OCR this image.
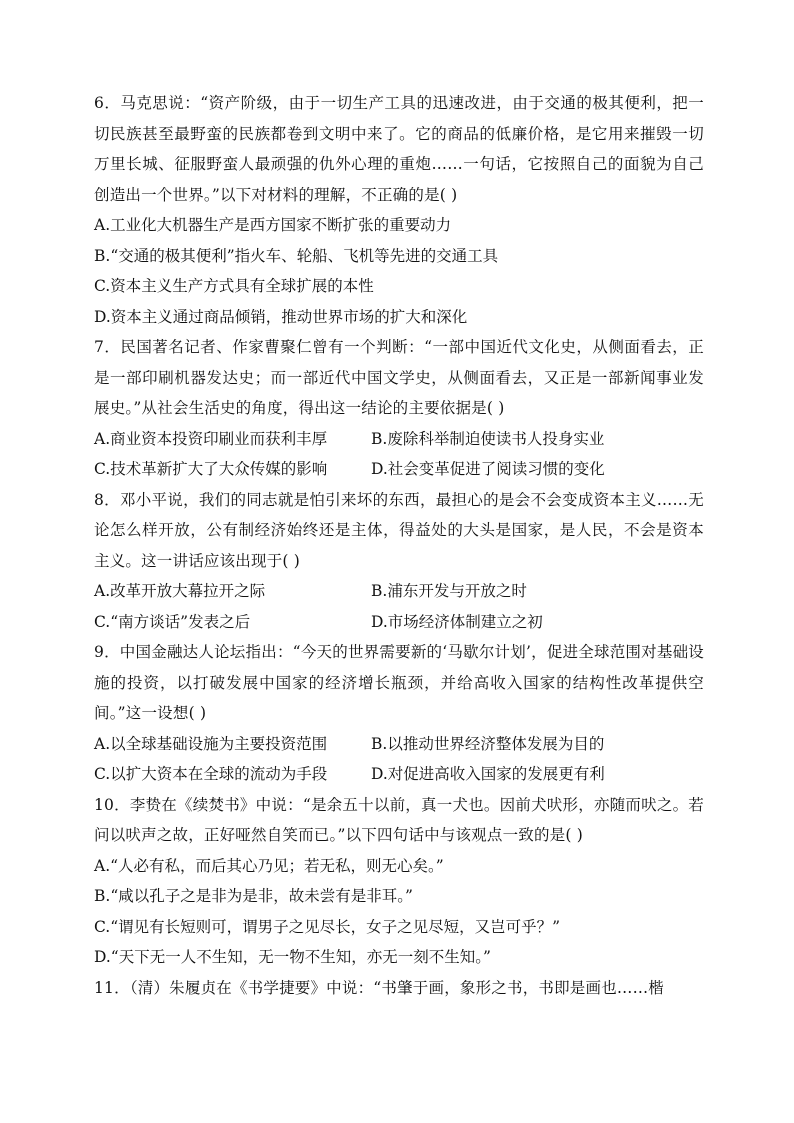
6．马克思说：“资产阶级，由于一切生产工具的迅速改进，由于交通的极其便利，把一切民族甚至最野蛮的民族都卷到文明中来了。它的商品的低廉价格，是它用来摧毁一切万里长城、征服野蛮人最顽强的仇外心理的重炮……一句话，它按照自己的面貌为自己创造出一个世界。”以下对材料的理解，不正确的是( )
A.工业化大机器生产是西方国家不断扩张的重要动力
B.“交通的极其便利”指火车、轮船、飞机等先进的交通工具
C.资本主义生产方式具有全球扩展的本性
D.资本主义通过商品倾销，推动世界市场的扩大和深化
7．民国著名记者、作家曹聚仁曾有一个判断：“一部中国近代文化史，从侧面看去，正是一部印刷机器发达史；而一部近代中国文学史，从侧面看去，又正是一部新闻事业发展史。”从社会生活史的角度，得出这一结论的主要依据是( )
A.商业资本投资印刷业而获利丰厚	B.废除科举制迫使读书人投身实业
C.技术革新扩大了大众传媒的影响	D.社会变革促进了阅读习惯的变化
8．邓小平说，我们的同志就是怕引来坏的东西，最担心的是会不会变成资本主义……无论怎么样开放，公有制经济始终还是主体，得益处的大头是国家，是人民，不会是资本主义。这一讲话应该出现于( )
A.改革开放大幕拉开之际	B.浦东开发与开放之时
C.“南方谈话”发表之后	D.市场经济体制建立之初
9．中国金融达人论坛指出：“今天的世界需要新的‘马歇尔计划’，促进全球范围对基础设施的投资，以打破发展中国家的经济增长瓶颈，并给高收入国家的结构性改革提供空间。”这一设想( )
A.以全球基础设施为主要投资范围	B.以推动世界经济整体发展为目的
C.以扩大资本在全球的流动为手段	D.对促进高收入国家的发展更有利
10．李贽在《续焚书》中说：“是余五十以前，真一犬也。因前犬吠形，亦随而吠之。若问以吠声之故，正好哑然自笑而已。”以下四句话中与该观点一致的是( )
A.“人必有私，而后其心乃见；若无私，则无心矣。”
B.“咸以孔子之是非为是非，故未尝有是非耳。”
C.“谓见有长短则可，谓男子之见尽长，女子之见尽短，又岂可乎？”
D.“天下无一人不生知，无一物不生知，亦无一刻不生知。”
11．（清）朱履贞在《书学捷要》中说：“书肇于画，象形之书，书即是画也……楷
